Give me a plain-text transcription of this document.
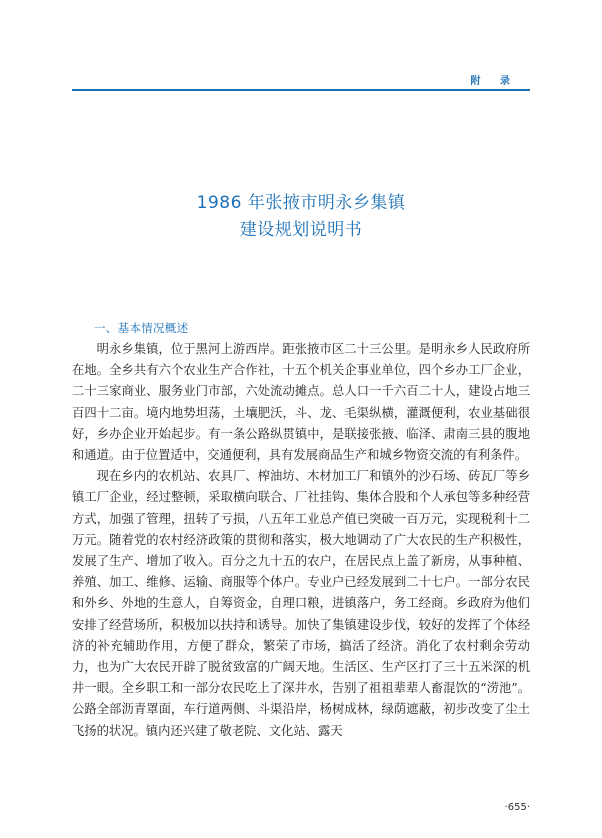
附 录
1986 年张掖市明永乡集镇
建设规划说明书
一、基本情况概述

明永乡集镇，位于黑河上游西岸。距张掖市区二十三公里。是明永乡人民政府所在地。全乡共有六个农业生产合作社，十五个机关企事业单位，四个乡办工厂企业，二十三家商业、服务业门市部，六处流动摊点。总人口一千六百二十人，建设占地三百四十二亩。境内地势坦荡，土壤肥沃，斗、龙、毛渠纵横，灌溉便利，农业基础很好，乡办企业开始起步。有一条公路纵贯镇中，是联接张掖、临泽、肃南三县的腹地和通道。由于位置适中，交通便利，具有发展商品生产和城乡物资交流的有利条件。

现在乡内的农机站、农具厂、榨油坊、木材加工厂和镇外的沙石场、砖瓦厂等乡镇工厂企业，经过整顿，采取横向联合、厂社挂钩、集体合股和个人承包等多种经营方式，加强了管理，扭转了亏损，八五年工业总产值已突破一百万元，实现税利十二万元。随着党的农村经济政策的贯彻和落实，极大地调动了广大农民的生产积极性，发展了生产、增加了收入。百分之九十五的农户，在居民点上盖了新房，从事种植、养殖、加工、维修、运输、商服等个体户。专业户已经发展到二十七户。一部分农民和外乡、外地的生意人，自筹资金，自理口粮，进镇落户，务工经商。乡政府为他们安排了经营场所，积极加以扶持和诱导。加快了集镇建设步伐，较好的发挥了个体经济的补充辅助作用，方便了群众，繁荣了市场，搞活了经济。消化了农村剩余劳动力，也为广大农民开辟了脱贫致富的广阔天地。生活区、生产区打了三十五米深的机井一眼。全乡职工和一部分农民吃上了深井水，告别了祖祖辈辈人畜混饮的“涝池”。公路全部沥青罩面，车行道两侧、斗渠沿岸，杨树成林，绿荫遮蔽，初步改变了尘土飞扬的状况。镇内还兴建了敬老院、文化站、露天

·655·
